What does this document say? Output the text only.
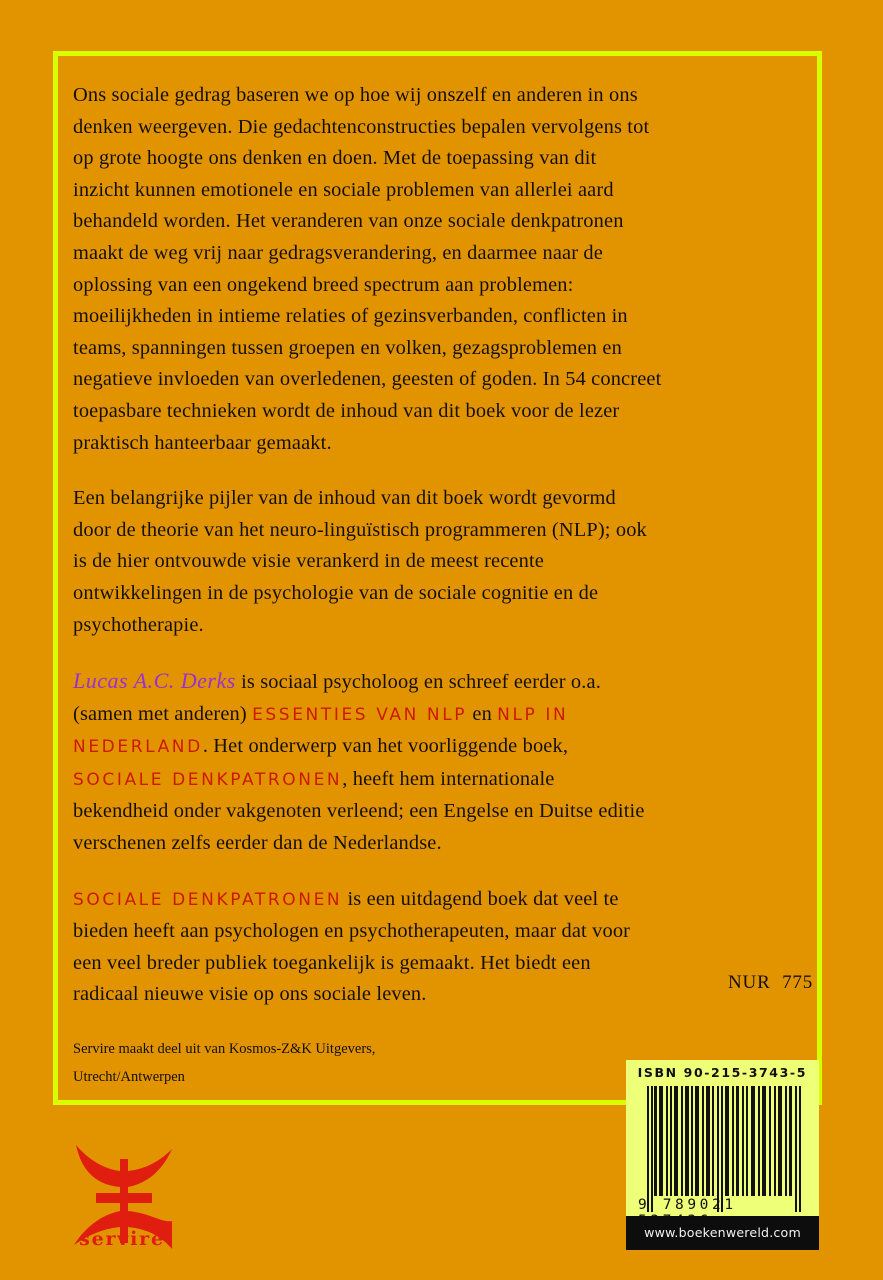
Ons sociale gedrag baseren we op hoe wij onszelf en anderen in ons
denken weergeven. Die gedachtenconstructies bepalen vervolgens tot
op grote hoogte ons denken en doen. Met de toepassing van dit
inzicht kunnen emotionele en sociale problemen van allerlei aard
behandeld worden. Het veranderen van onze sociale denkpatronen
maakt de weg vrij naar gedragsverandering, en daarmee naar de
oplossing van een ongekend breed spectrum aan problemen:
moeilijkheden in intieme relaties of gezinsverbanden, conflicten in
teams, spanningen tussen groepen en volken, gezagsproblemen en
negatieve invloeden van overledenen, geesten of goden. In 54 concreet
toepasbare technieken wordt de inhoud van dit boek voor de lezer
praktisch hanteerbaar gemaakt.
Een belangrijke pijler van de inhoud van dit boek wordt gevormd
door de theorie van het neuro-linguïstisch programmeren (NLP); ook
is de hier ontvouwde visie verankerd in de meest recente
ontwikkelingen in de psychologie van de sociale cognitie en de
psychotherapie.
Lucas A.C. Derks is sociaal psycholoog en schreef eerder o.a.
(samen met anderen) ESSENTIES VAN NLP en NLP IN
NEDERLAND. Het onderwerp van het voorliggende boek,
SOCIALE DENKPATRONEN, heeft hem internationale
bekendheid onder vakgenoten verleend; een Engelse en Duitse editie
verschenen zelfs eerder dan de Nederlandse.
SOCIALE DENKPATRONEN is een uitdagend boek dat veel te
bieden heeft aan psychologen en psychotherapeuten, maar dat voor
een veel breder publiek toegankelijk is gemaakt. Het biedt een
radicaal nieuwe visie op ons sociale leven.
NUR 775
Servire maakt deel uit van Kosmos-Z&K Uitgevers,
Utrecht/Antwerpen	ISBN 90-215-3743-5
9 789021
www.boekenwereld.com
servire
